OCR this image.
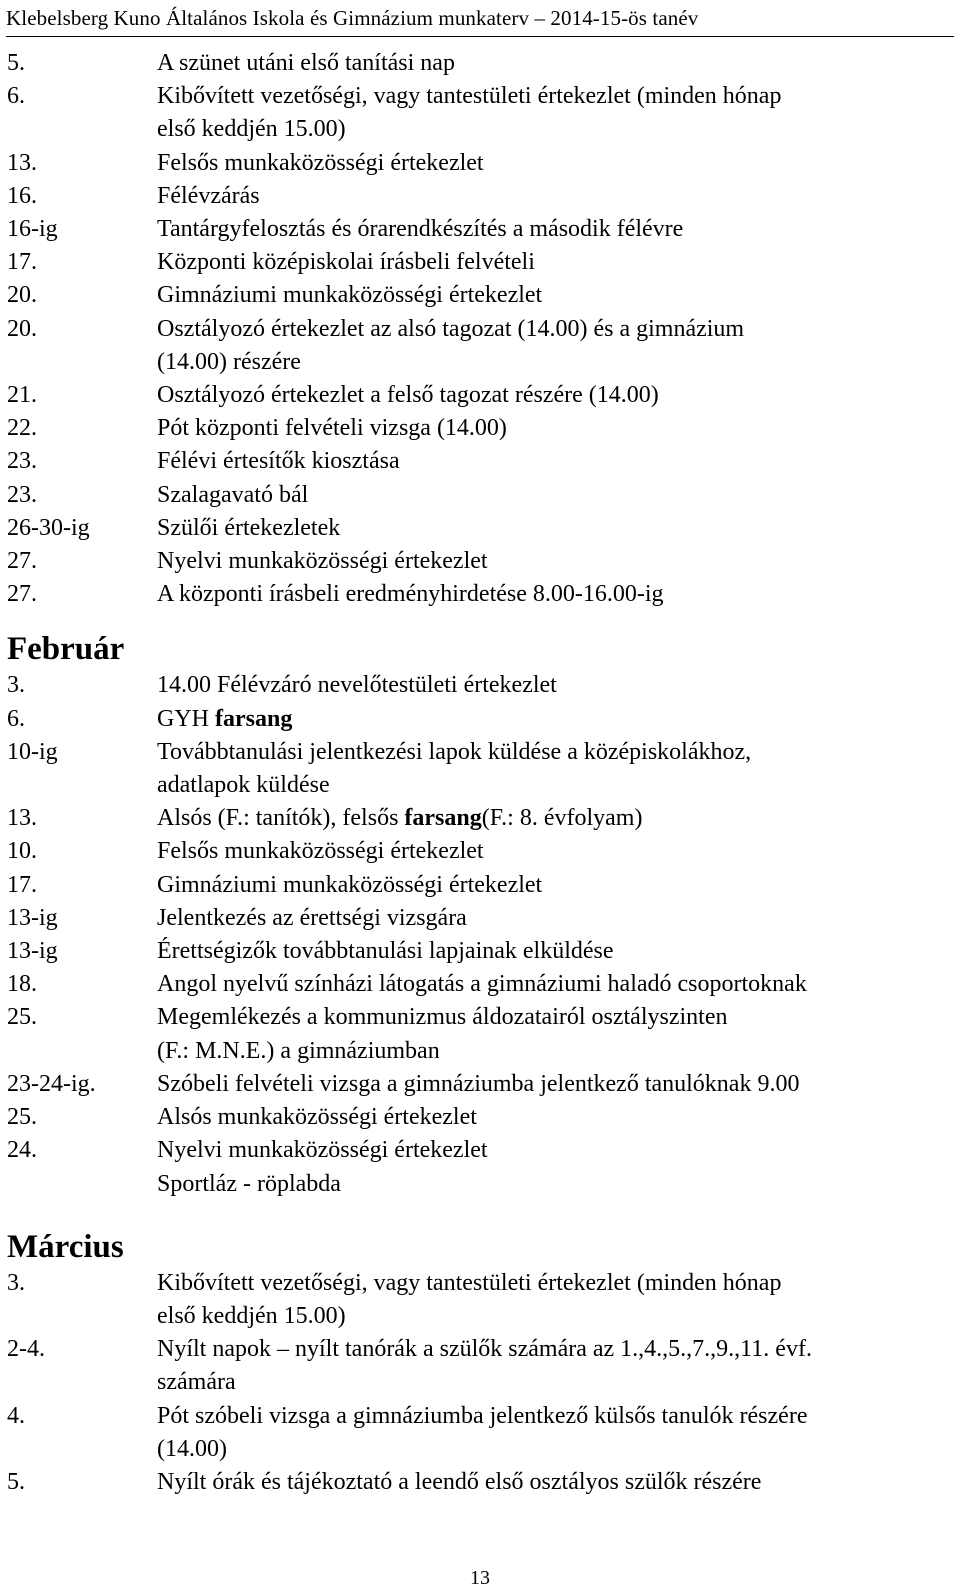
Klebelsberg Kuno Általános Iskola és Gimnázium munkaterv – 2014-15-ös tanév
5.	A szünet utáni első tanítási nap
6.	Kibővített vezetőségi, vagy tantestületi értekezlet (minden hónap
első keddjén 15.00)
13.	Felsős munkaközösségi értekezlet
16.	Félévzárás
16-ig	Tantárgyfelosztás és órarendkészítés a második félévre
17.	Központi középiskolai írásbeli felvételi
20.	Gimnáziumi munkaközösségi értekezlet
20.	Osztályozó értekezlet az alsó tagozat (14.00) és a gimnázium
(14.00) részére
21.	Osztályozó értekezlet a felső tagozat részére (14.00)
22.	Pót központi felvételi vizsga (14.00)
23.	Félévi értesítők kiosztása
23.	Szalagavató bál
26-30-ig	Szülői értekezletek
27.	Nyelvi munkaközösségi értekezlet
27.	A központi írásbeli eredményhirdetése 8.00-16.00-ig
Február
3.	14.00 Félévzáró nevelőtestületi értekezlet
6.	GYH farsang
10-ig	Továbbtanulási jelentkezési lapok küldése a középiskolákhoz,
adatlapok küldése
13.	Alsós (F.: tanítók), felsős farsang(F.: 8. évfolyam)
10.	Felsős munkaközösségi értekezlet
17.	Gimnáziumi munkaközösségi értekezlet
13-ig	Jelentkezés az érettségi vizsgára
13-ig	Érettségizők továbbtanulási lapjainak elküldése
18.	Angol nyelvű színházi látogatás a gimnáziumi haladó csoportoknak
25.	Megemlékezés a kommunizmus áldozatairól osztályszinten
(F.: M.N.E.) a gimnáziumban
23-24-ig.	Szóbeli felvételi vizsga a gimnáziumba jelentkező tanulóknak 9.00
25.	Alsós munkaközösségi értekezlet
24.	Nyelvi munkaközösségi értekezlet
Sportláz - röplabda
Március
3.	Kibővített vezetőségi, vagy tantestületi értekezlet (minden hónap
első keddjén 15.00)
2-4.	Nyílt napok – nyílt tanórák a szülők számára az 1.,4.,5.,7.,9.,11. évf.
számára
4.	Pót szóbeli vizsga a gimnáziumba jelentkező külsős tanulók részére
(14.00)
5.	Nyílt órák és tájékoztató a leendő első osztályos szülők részére
13
